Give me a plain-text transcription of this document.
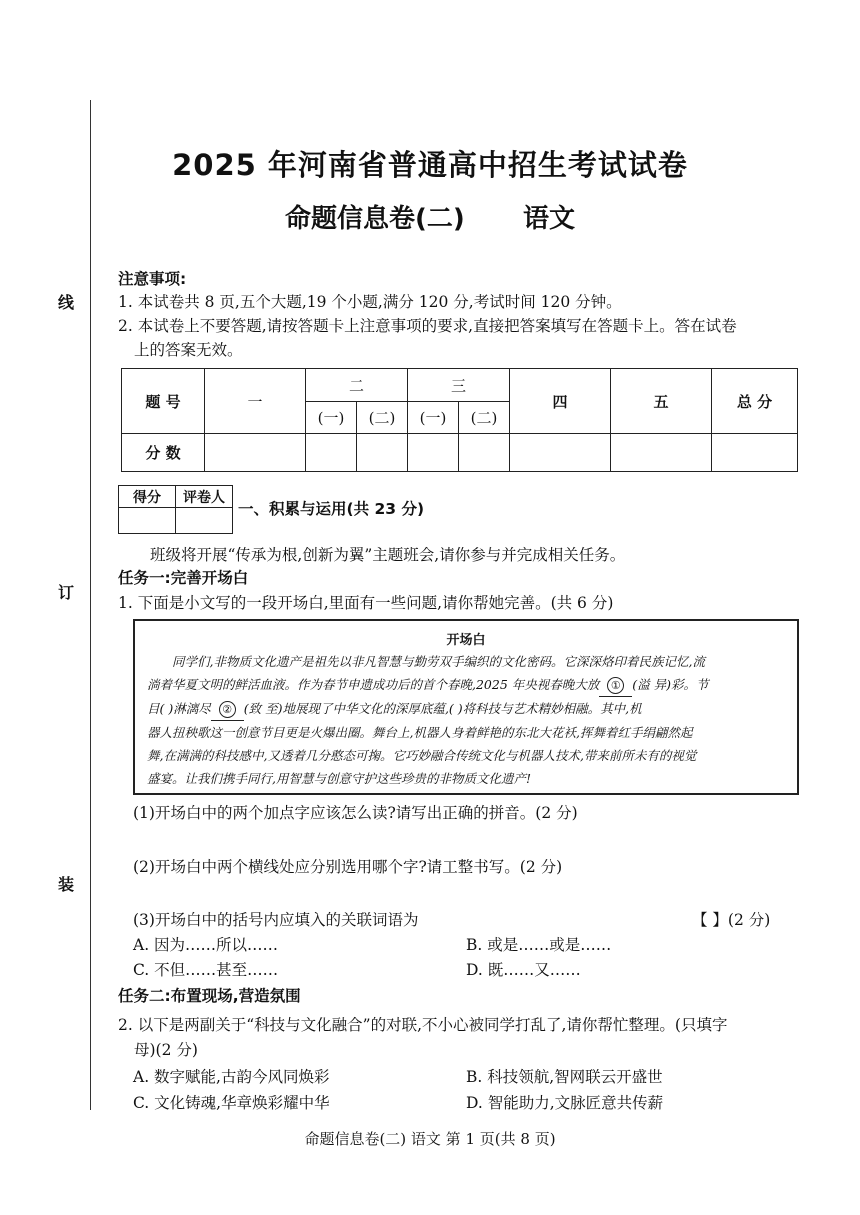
线
订
装
2025 年河南省普通高中招生考试试卷
命题信息卷(二) 语文
注意事项:
1. 本试卷共 8 页,五个大题,19 个小题,满分 120 分,考试时间 120 分钟。
2. 本试卷上不要答题,请按答题卡上注意事项的要求,直接把答案填写在答题卡上。答在试卷
上的答案无效。
题 号	一	二		三		四	五	总 分
		(一)	(二)	(一)	(二)			
分 数								
得分	评卷人

一、积累与运用(共 23 分)
班级将开展“传承为根,创新为翼”主题班会,请你参与并完成相关任务。
任务一:完善开场白
1. 下面是小文写的一段开场白,里面有一些问题,请你帮她完善。(共 6 分)
开场白

同学们,非物质文化遗产是祖先以非凡智慧与勤劳双手编织的文化密码。它深深烙印着民族记忆,流

淌着华夏文明的鲜活血液。作为春节申遗成功后的首个春晚,2025 年央视春晚大放 ① (溢 异)彩。节

目( )淋漓尽 ② (致 至)地展现了中华文化的深厚底蕴,( )将科技与艺术精妙相融。其中,机

器人扭秧歌这一创意节目更是火爆出圈。舞台上,机器人身着鲜艳的东北大花袄,挥舞着红手绢翩然起

舞,在满满的科技感中,又透着几分憨态可掬。它巧妙融合传统文化与机器人技术,带来前所未有的视觉

盛宴。让我们携手同行,用智慧与创意守护这些珍贵的非物质文化遗产!

(1)开场白中的两个加点字应该怎么读?请写出正确的拼音。(2 分)
(2)开场白中两个横线处应分别选用哪个字?请工整书写。(2 分)
(3)开场白中的括号内应填入的关联词语为	【 】(2 分)
A. 因为……所以……	B. 或是……或是……
C. 不但……甚至……	D. 既……又……
任务二:布置现场,营造氛围
2. 以下是两副关于“科技与文化融合”的对联,不小心被同学打乱了,请你帮忙整理。(只填字
母)(2 分)
A. 数字赋能,古韵今风同焕彩	B. 科技领航,智网联云开盛世
C. 文化铸魂,华章焕彩耀中华	D. 智能助力,文脉匠意共传薪
命题信息卷(二) 语文 第 1 页(共 8 页)
